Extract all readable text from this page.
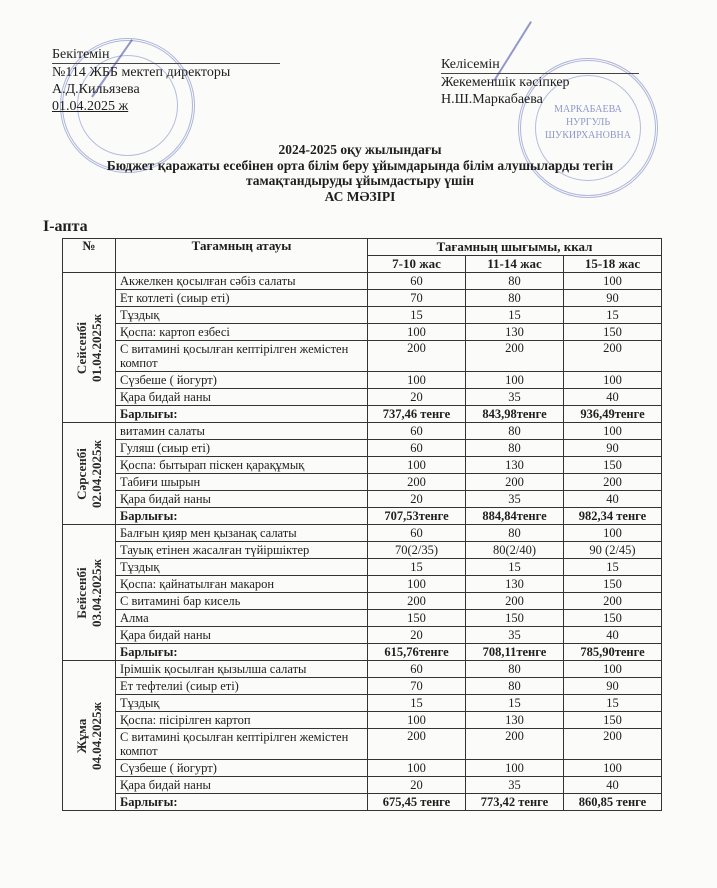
МАРКАБАЕВА
НУРГУЛЬ
ШУКИРХАНОВНА
Бекітемін
№114 ЖББ мектеп директоры
А.Д.Кильязева
01.04.2025 ж
Келісемін
Жекеменшік кәсіпкер
Н.Ш.Маркабаева
2024-2025 оқу жылындағы
Бюджет қаражаты есебінен орта білім беру ұйымдарында білім алушыларды тегін
тамақтандыруды ұйымдастыру үшін
АС МӘЗІРІ
І-апта
№	Тағамның атауы	Тағамның шығымы, ккал		
		7-10 жас	11-14 жас	15-18 жас

Сейсенбі 01.04.2025ж	Акжелкен қосылған сәбіз салаты	60	80	100
	Ет котлеті (сиыр еті)	70	80	90
	Тұздық	15	15	15
	Қоспа: картоп езбесі	100	130	150
	С витамині қосылған кептірілген жемістен компот	200	200	200
	Сүзбеше ( йогурт)	100	100	100
	Қара бидай наны	20	35	40
	Барлығы:	737,46 тенге	843,98тенге	936,49тенге

Сәрсенбі 02.04.2025ж	витамин салаты	60	80	100
	Гуляш (сиыр еті)	60	80	90
	Қоспа: бытырап піскен қарақұмық	100	130	150
	Табиғи шырын	200	200	200
	Қара бидай наны	20	35	40
	Барлығы:	707,53тенге	884,84тенге	982,34 тенге

Бейсенбі 03.04.2025ж	Балғын қияр мен қызанақ салаты	60	80	100
	Тауық етінен жасалған түйіршіктер	70(2/35)	80(2/40)	90 (2/45)
	Тұздық	15	15	15
	Қоспа: қайнатылған макарон	100	130	150
	С витамині бар кисель	200	200	200
	Алма	150	150	150
	Қара бидай наны	20	35	40
	Барлығы:	615,76тенге	708,11тенге	785,90тенге

Жұма 04.04.2025ж	Ірімшік қосылған қызылша салаты	60	80	100
	Ет тефтелиі (сиыр еті)	70	80	90
	Тұздық	15	15	15
	Қоспа: пісірілген картоп	100	130	150
	С витамині қосылған кептірілген жемістен компот	200	200	200
	Сүзбеше ( йогурт)	100	100	100
	Қара бидай наны	20	35	40
	Барлығы:	675,45 тенге	773,42 тенге	860,85 тенге
